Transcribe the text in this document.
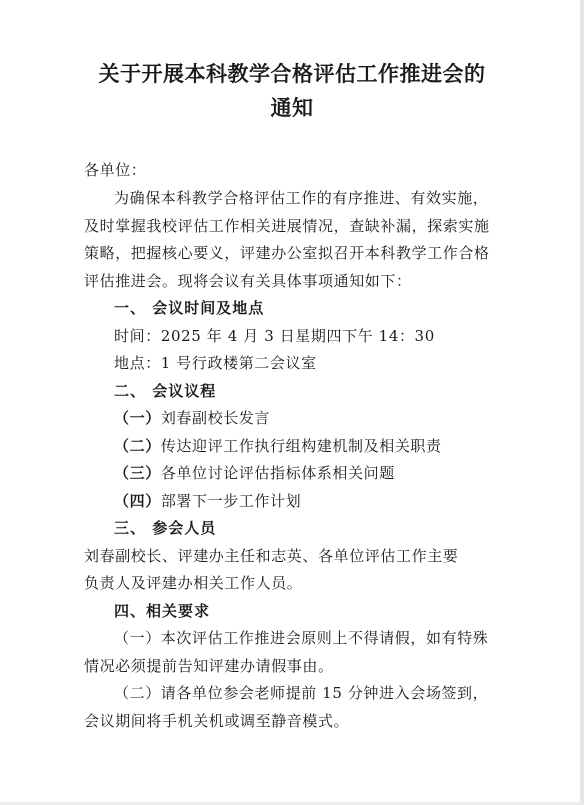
关于开展本科教学合格评估工作推进会的
通知

各单位：

为确保本科教学合格评估工作的有序推进、有效实施，

及时掌握我校评估工作相关进展情况，查缺补漏，探索实施

策略，把握核心要义，评建办公室拟召开本科教学工作合格

评估推进会。现将会议有关具体事项通知如下：

一、 会议时间及地点

时间：2025 年 4 月 3 日星期四下午 14：30

地点：1 号行政楼第二会议室

二、 会议议程

（一）刘春副校长发言

（二）传达迎评工作执行组构建机制及相关职责

（三）各单位讨论评估指标体系相关问题

（四）部署下一步工作计划

三、 参会人员

刘春副校长、评建办主任和志英、各单位评估工作主要

负责人及评建办相关工作人员。

四、相关要求

（一）本次评估工作推进会原则上不得请假，如有特殊

情况必须提前告知评建办请假事由。

（二）请各单位参会老师提前 15 分钟进入会场签到，

会议期间将手机关机或调至静音模式。
